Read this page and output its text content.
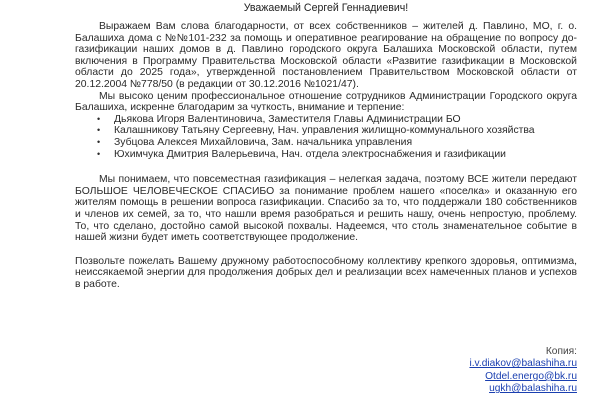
Уважаемый Сергей Геннадиевич!

Выражаем Вам слова благодарности, от всех собственников – жителей д. Павлино, МО, г. о. Балашиха дома с №№101-232 за помощь и оперативное реагирование на обращение по вопросу до-газификации наших домов в д. Павлино городского округа Балашиха Московской области, путем включения в Программу Правительства Московской области «Развитие газификации в Московской области до 2025 года», утвержденной постановлением Правительством Московской области от 20.12.2004 №778/50 (в редакции от 30.12.2016 №1021/47).

Мы высоко ценим профессиональное отношение сотрудников Администрации Городского округа Балашиха, искренне благодарим за чуткость, внимание и терпение:

• Дьякова Игоря Валентиновича, Заместителя Главы Администрации БО
• Калашникову Татьяну Сергеевну, Нач. управления жилищно-коммунального хозяйства
• Зубцова Алексея Михайловича, Зам. начальника управления
• Юхимчука Дмитрия Валерьевича, Нач. отдела электроснабжения и газификации

Мы понимаем, что повсеместная газификация – нелегкая задача, поэтому ВСЕ жители передают БОЛЬШОЕ ЧЕЛОВЕЧЕСКОЕ СПАСИБО за понимание проблем нашего «поселка» и оказанную его жителям помощь в решении вопроса газификации. Спасибо за то, что поддержали 180 собственников и членов их семей, за то, что нашли время разобраться и решить нашу, очень непростую, проблему. То, что сделано, достойно самой высокой похвалы. Надеемся, что столь знаменательное событие в нашей жизни будет иметь соответствующее продолжение.

Позвольте пожелать Вашему дружному работоспособному коллективу крепкого здоровья, оптимизма, неиссякаемой энергии для продолжения добрых дел и реализации всех намеченных планов и успехов в работе.

Копия:
i.v.diakov@balashiha.ru
Otdel.energo@bk.ru
ugkh@balashiha.ru
